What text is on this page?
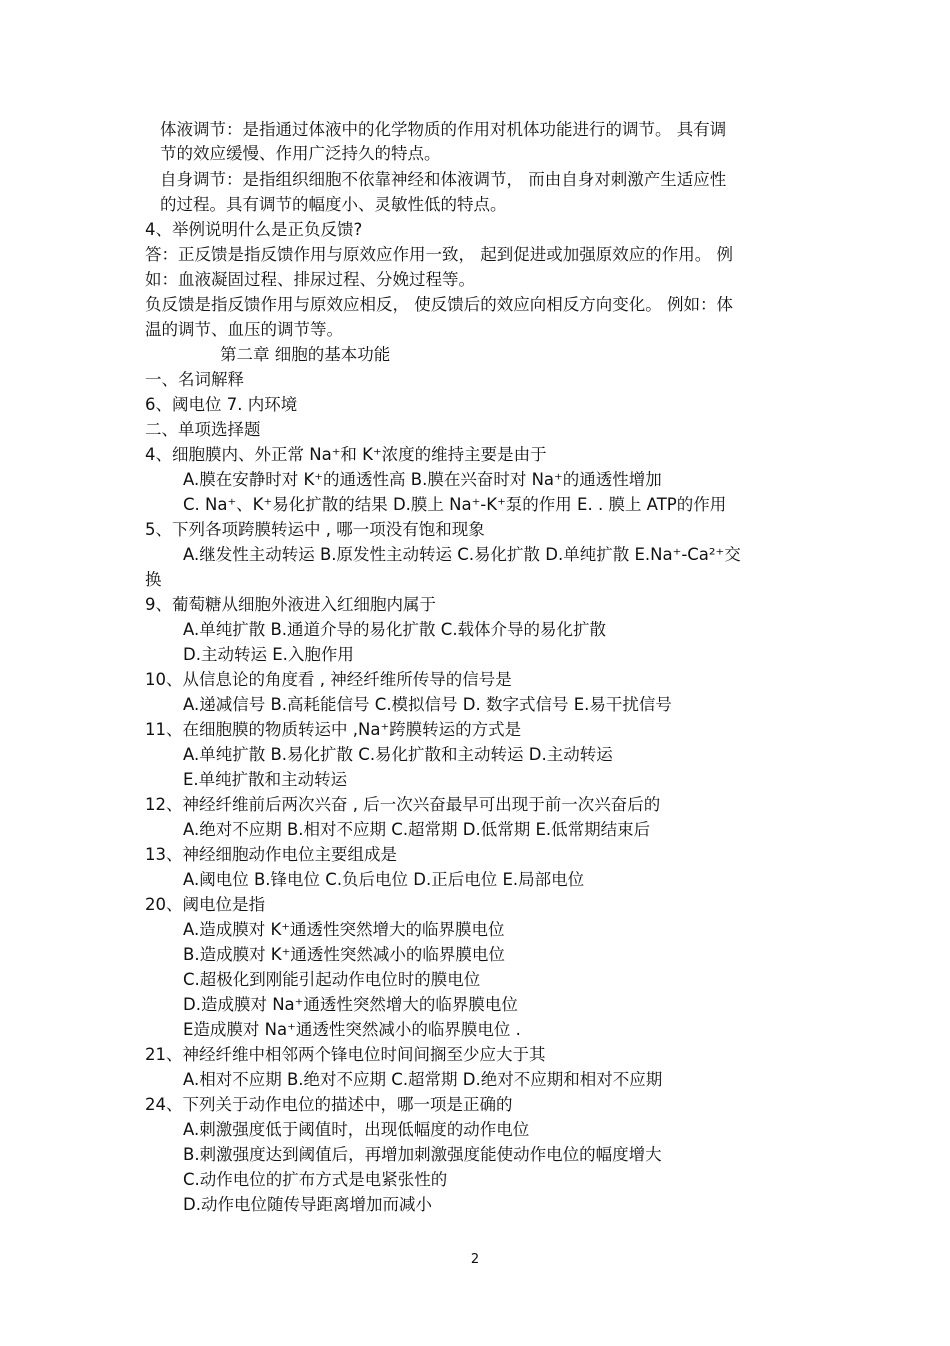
体液调节：是指通过体液中的化学物质的作用对机体功能进行的调节。 具有调
节的效应缓慢、作用广泛持久的特点。
自身调节：是指组织细胞不依靠神经和体液调节， 而由自身对刺激产生适应性
的过程。具有调节的幅度小、灵敏性低的特点。
4、举例说明什么是正负反馈?
答：正反馈是指反馈作用与原效应作用一致， 起到促进或加强原效应的作用。 例
如：血液凝固过程、排尿过程、分娩过程等。
负反馈是指反馈作用与原效应相反， 使反馈后的效应向相反方向变化。 例如：体
温的调节、血压的调节等。
第二章 细胞的基本功能
一、名词解释
6、阈电位 7. 内环境
二、单项选择题
4、细胞膜内、外正常 Na⁺和 K⁺浓度的维持主要是由于
A.膜在安静时对 K⁺的通透性高 B.膜在兴奋时对 Na⁺的通透性增加
C. Na⁺、K⁺易化扩散的结果 D.膜上 Na⁺-K⁺泵的作用 E. . 膜上 ATP的作用
5、下列各项跨膜转运中 , 哪一项没有饱和现象
A.继发性主动转运 B.原发性主动转运 C.易化扩散 D.单纯扩散 E.Na⁺-Ca²⁺交
换
9、葡萄糖从细胞外液进入红细胞内属于
A.单纯扩散 B.通道介导的易化扩散 C.载体介导的易化扩散
D.主动转运 E.入胞作用
10、从信息论的角度看 , 神经纤维所传导的信号是
A.递减信号 B.高耗能信号 C.模拟信号 D. 数字式信号 E.易干扰信号
11、在细胞膜的物质转运中 ,Na⁺跨膜转运的方式是
A.单纯扩散 B.易化扩散 C.易化扩散和主动转运 D.主动转运
E.单纯扩散和主动转运
12、神经纤维前后两次兴奋 , 后一次兴奋最早可出现于前一次兴奋后的
A.绝对不应期 B.相对不应期 C.超常期 D.低常期 E.低常期结束后
13、神经细胞动作电位主要组成是
A.阈电位 B.锋电位 C.负后电位 D.正后电位 E.局部电位
20、阈电位是指
A.造成膜对 K⁺通透性突然增大的临界膜电位
B.造成膜对 K⁺通透性突然减小的临界膜电位
C.超极化到刚能引起动作电位时的膜电位
D.造成膜对 Na⁺通透性突然增大的临界膜电位
E造成膜对 Na⁺通透性突然减小的临界膜电位 .
21、神经纤维中相邻两个锋电位时间间搁至少应大于其
A.相对不应期 B.绝对不应期 C.超常期 D.绝对不应期和相对不应期
24、下列关于动作电位的描述中，哪一项是正确的
A.刺激强度低于阈值时，出现低幅度的动作电位
B.刺激强度达到阈值后，再增加刺激强度能使动作电位的幅度增大
C.动作电位的扩布方式是电紧张性的
D.动作电位随传导距离增加而减小
2
